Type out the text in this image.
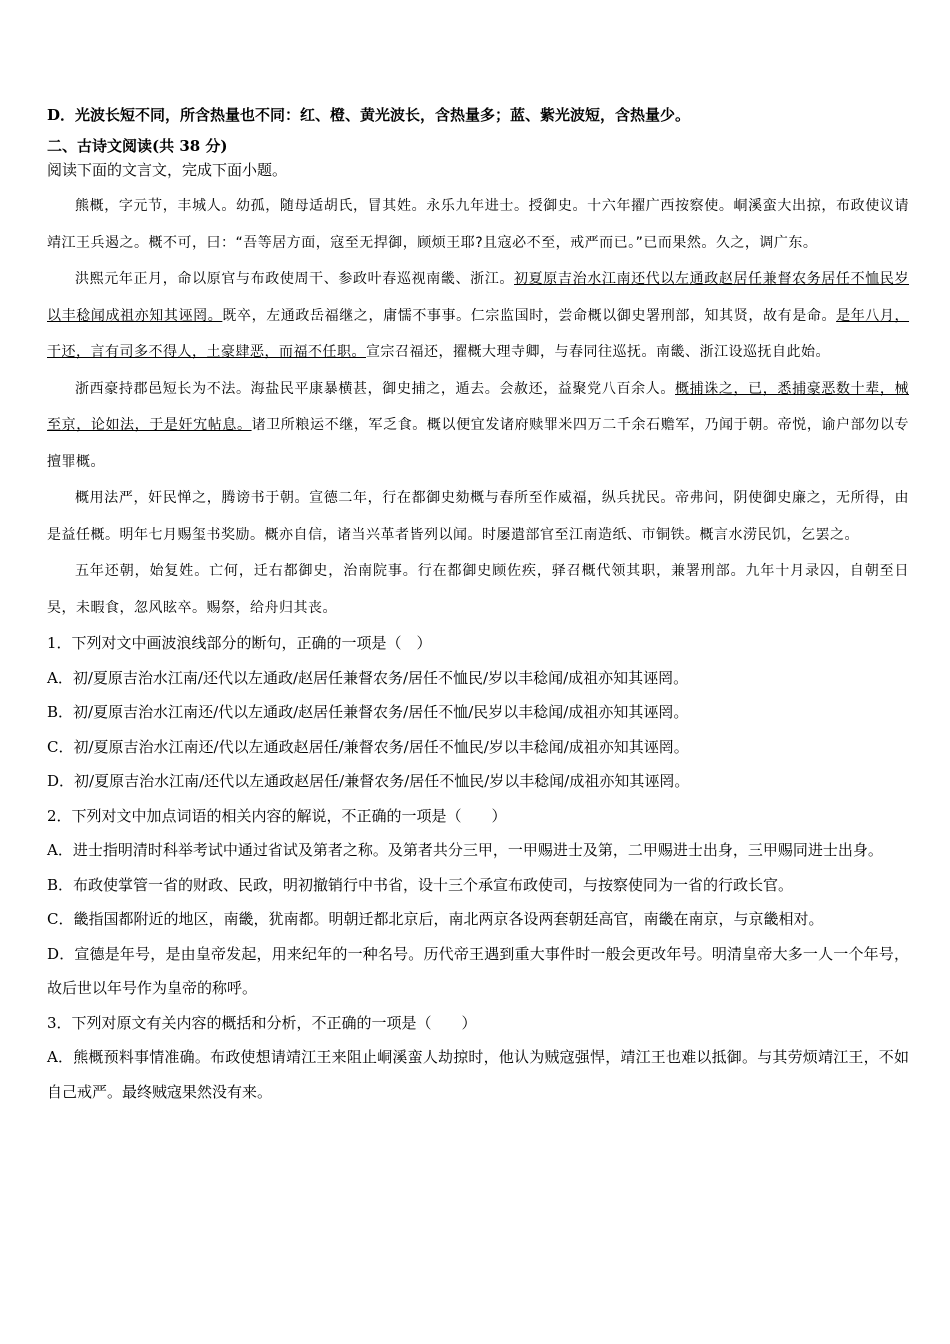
D．光波长短不同，所含热量也不同：红、橙、黄光波长，含热量多；蓝、紫光波短，含热量少。
二、古诗文阅读(共 38 分)
阅读下面的文言文，完成下面小题。

熊概，字元节，丰城人。幼孤，随母适胡氏，冒其姓。永乐九年进士。授御史。十六年擢广西按察使。峒溪蛮大出掠，布政使议请靖江王兵遏之。概不可，曰：“吾等居方面，寇至无捍御，顾烦王耶?且寇必不至，戒严而已。”已而果然。久之，调广东。

洪熙元年正月，命以原官与布政使周干、参政叶春巡视南畿、浙江。初夏原吉治水江南还代以左通政赵居任兼督农务居任不恤民岁以丰稔闻成祖亦知其诬罔。既卒，左通政岳福继之，庸懦不事事。仁宗监国时，尝命概以御史署刑部，知其贤，故有是命。是年八月，干还，言有司多不得人，土豪肆恶，而福不任职。宣宗召福还，擢概大理寺卿，与春同往巡抚。南畿、浙江设巡抚自此始。

浙西豪持郡邑短长为不法。海盐民平康暴横甚，御史捕之，遁去。会赦还，益聚党八百余人。概捕诛之，已，悉捕豪恶数十辈，械至京，论如法，于是奸宄帖息。诸卫所粮运不继，军乏食。概以便宜发诸府赎罪米四万二千余石赡军，乃闻于朝。帝悦，谕户部勿以专擅罪概。

概用法严，奸民惮之，腾谤书于朝。宣德二年，行在都御史劾概与春所至作威福，纵兵扰民。帝弗问，阴使御史廉之，无所得，由是益任概。明年七月赐玺书奖励。概亦自信，诸当兴革者皆列以闻。时屡遣部官至江南造纸、市铜铁。概言水涝民饥，乞罢之。

五年还朝，始复姓。亡何，迁右都御史，治南院事。行在都御史顾佐疾，驿召概代领其职，兼署刑部。九年十月录囚，自朝至日旲，未暇食，忽风眩卒。赐祭，给舟归其丧。

1．下列对文中画波浪线部分的断句，正确的一项是（　）
A．初/夏原吉治水江南/还代以左通政/赵居任兼督农务/居任不恤民/岁以丰稔闻/成祖亦知其诬罔。
B．初/夏原吉治水江南还/代以左通政/赵居任兼督农务/居任不恤/民岁以丰稔闻/成祖亦知其诬罔。
C．初/夏原吉治水江南还/代以左通政赵居任/兼督农务/居任不恤民/岁以丰稔闻/成祖亦知其诬罔。
D．初/夏原吉治水江南/还代以左通政赵居任/兼督农务/居任不恤民/岁以丰稔闻/成祖亦知其诬罔。
2．下列对文中加点词语的相关内容的解说，不正确的一项是（　　）
A．进士指明清时科举考试中通过省试及第者之称。及第者共分三甲，一甲赐进士及第，二甲赐进士出身，三甲赐同进士出身。
B．布政使掌管一省的财政、民政，明初撤销行中书省，设十三个承宣布政使司，与按察使同为一省的行政长官。
C．畿指国都附近的地区，南畿，犹南都。明朝迁都北京后，南北两京各设两套朝廷高官，南畿在南京，与京畿相对。
D．宣德是年号，是由皇帝发起，用来纪年的一种名号。历代帝王遇到重大事件时一般会更改年号。明清皇帝大多一人一个年号，故后世以年号作为皇帝的称呼。
3．下列对原文有关内容的概括和分析，不正确的一项是（　　）
A．熊概预料事情准确。布政使想请靖江王来阻止峒溪蛮人劫掠时，他认为贼寇强悍，靖江王也难以抵御。与其劳烦靖江王，不如自己戒严。最终贼寇果然没有来。
